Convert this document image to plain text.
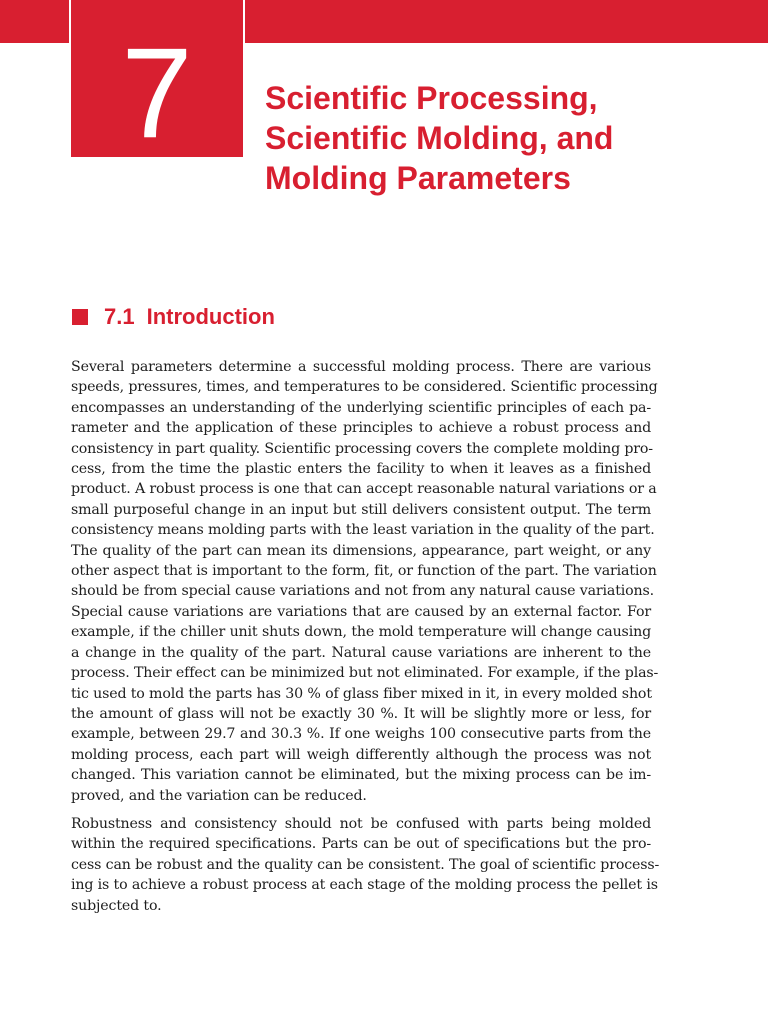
7	Scientific Processing,
Scientific Molding, and
Molding Parameters
7.1 Introduction
Several parameters determine a successful molding process. There are various
speeds, pressures, times, and temperatures to be considered. Scientific processing
encompasses an understanding of the underlying scientific principles of each pa-
rameter and the application of these principles to achieve a robust process and
consistency in part quality. Scientific processing covers the complete molding pro-
cess, from the time the plastic enters the facility to when it leaves as a finished
product. A robust process is one that can accept reasonable natural variations or a
small purposeful change in an input but still delivers consistent output. The term
consistency means molding parts with the least variation in the quality of the part.
The quality of the part can mean its dimensions, appearance, part weight, or any
other aspect that is important to the form, fit, or function of the part. The variation
should be from special cause variations and not from any natural cause variations.
Special cause variations are variations that are caused by an external factor. For
example, if the chiller unit shuts down, the mold temperature will change causing
a change in the quality of the part. Natural cause variations are inherent to the
process. Their effect can be minimized but not eliminated. For example, if the plas-
tic used to mold the parts has 30 % of glass fiber mixed in it, in every molded shot
the amount of glass will not be exactly 30 %. It will be slightly more or less, for
example, between 29.7 and 30.3 %. If one weighs 100 consecutive parts from the
molding process, each part will weigh differently although the process was not
changed. This variation cannot be eliminated, but the mixing process can be im-
proved, and the variation can be reduced.
Robustness and consistency should not be confused with parts being molded
within the required specifications. Parts can be out of specifications but the pro-
cess can be robust and the quality can be consistent. The goal of scientific process-
ing is to achieve a robust process at each stage of the molding process the pellet is
subjected to.
